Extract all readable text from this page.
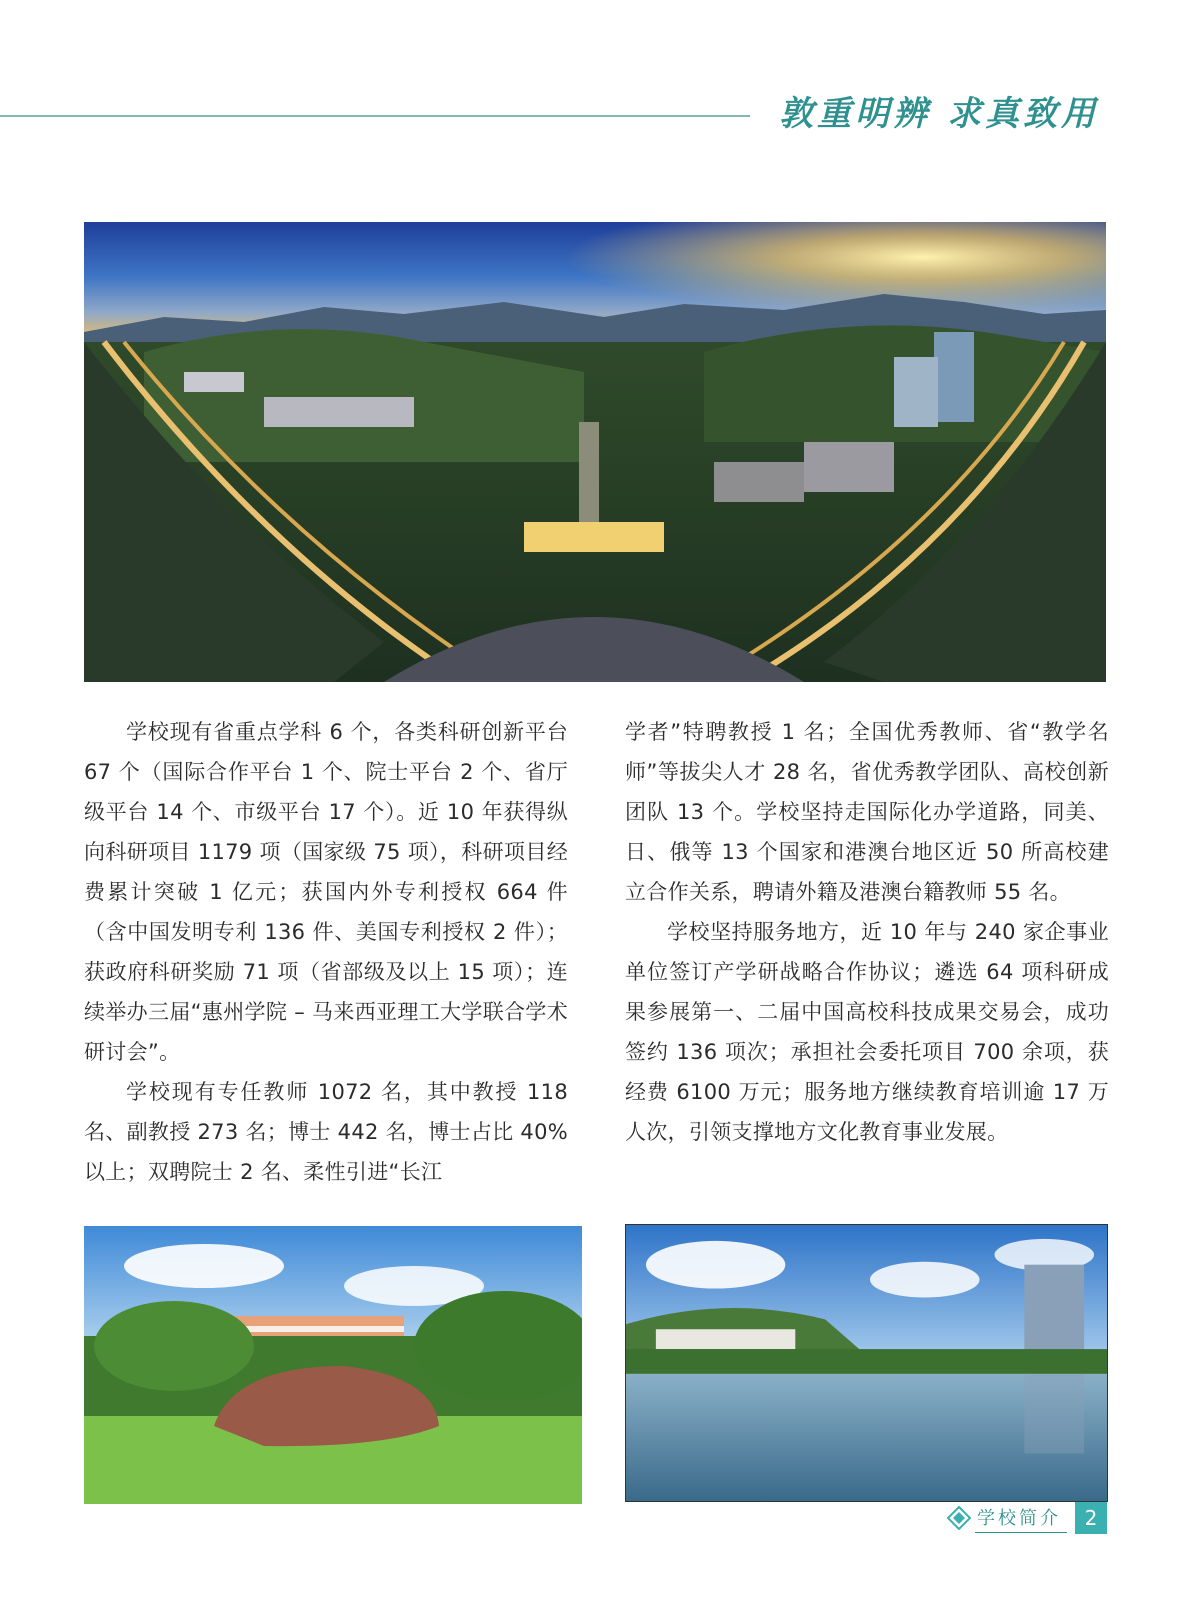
敦重明辨 求真致用

学校现有省重点学科 6 个，各类科研创新平台 67 个（国际合作平台 1 个、院士平台 2 个、省厅级平台 14 个、市级平台 17 个）。近 10 年获得纵向科研项目 1179 项（国家级 75 项），科研项目经费累计突破 1 亿元；获国内外专利授权 664 件（含中国发明专利 136 件、美国专利授权 2 件）；获政府科研奖励 71 项（省部级及以上 15 项）；连续举办三届“惠州学院 – 马来西亚理工大学联合学术研讨会”。

学校现有专任教师 1072 名，其中教授 118 名、副教授 273 名；博士 442 名，博士占比 40% 以上；双聘院士 2 名、柔性引进“长江

学者”特聘教授 1 名；全国优秀教师、省“教学名师”等拔尖人才 28 名，省优秀教学团队、高校创新团队 13 个。学校坚持走国际化办学道路，同美、日、俄等 13 个国家和港澳台地区近 50 所高校建立合作关系，聘请外籍及港澳台籍教师 55 名。

学校坚持服务地方，近 10 年与 240 家企事业单位签订产学研战略合作协议；遴选 64 项科研成果参展第一、二届中国高校科技成果交易会，成功签约 136 项次；承担社会委托项目 700 余项，获经费 6100 万元；服务地方继续教育培训逾 17 万人次，引领支撑地方文化教育事业发展。

学校简介	2
